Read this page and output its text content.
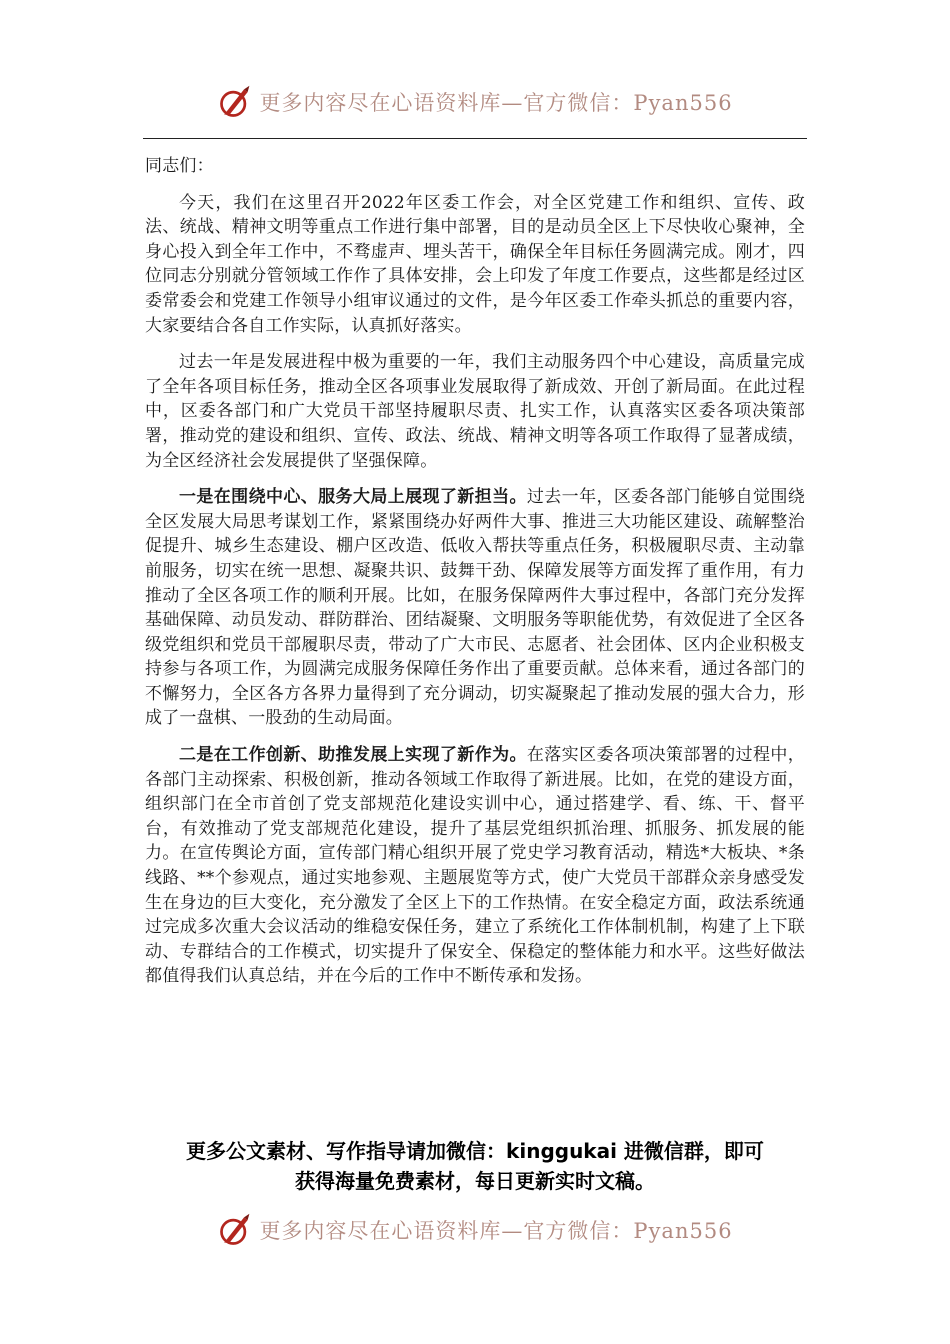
更多内容尽在心语资料库—官方微信：Pyan556

同志们：

今天，我们在这里召开2022年区委工作会，对全区党建工作和组织、宣传、政法、统战、精神文明等重点工作进行集中部署，目的是动员全区上下尽快收心聚神，全身心投入到全年工作中，不骛虚声、埋头苦干，确保全年目标任务圆满完成。刚才，四位同志分别就分管领域工作作了具体安排，会上印发了年度工作要点，这些都是经过区委常委会和党建工作领导小组审议通过的文件，是今年区委工作牵头抓总的重要内容，大家要结合各自工作实际，认真抓好落实。

过去一年是发展进程中极为重要的一年，我们主动服务四个中心建设，高质量完成了全年各项目标任务，推动全区各项事业发展取得了新成效、开创了新局面。在此过程中，区委各部门和广大党员干部坚持履职尽责、扎实工作，认真落实区委各项决策部署，推动党的建设和组织、宣传、政法、统战、精神文明等各项工作取得了显著成绩，为全区经济社会发展提供了坚强保障。

一是在围绕中心、服务大局上展现了新担当。过去一年，区委各部门能够自觉围绕全区发展大局思考谋划工作，紧紧围绕办好两件大事、推进三大功能区建设、疏解整治促提升、城乡生态建设、棚户区改造、低收入帮扶等重点任务，积极履职尽责、主动靠前服务，切实在统一思想、凝聚共识、鼓舞干劲、保障发展等方面发挥了重作用，有力推动了全区各项工作的顺利开展。比如，在服务保障两件大事过程中，各部门充分发挥基础保障、动员发动、群防群治、团结凝聚、文明服务等职能优势，有效促进了全区各级党组织和党员干部履职尽责，带动了广大市民、志愿者、社会团体、区内企业积极支持参与各项工作，为圆满完成服务保障任务作出了重要贡献。总体来看，通过各部门的不懈努力，全区各方各界力量得到了充分调动，切实凝聚起了推动发展的强大合力，形成了一盘棋、一股劲的生动局面。

二是在工作创新、助推发展上实现了新作为。在落实区委各项决策部署的过程中，各部门主动探索、积极创新，推动各领域工作取得了新进展。比如，在党的建设方面，组织部门在全市首创了党支部规范化建设实训中心，通过搭建学、看、练、干、督平台，有效推动了党支部规范化建设，提升了基层党组织抓治理、抓服务、抓发展的能力。在宣传舆论方面，宣传部门精心组织开展了党史学习教育活动，精选*大板块、*条线路、**个参观点，通过实地参观、主题展览等方式，使广大党员干部群众亲身感受发生在身边的巨大变化，充分激发了全区上下的工作热情。在安全稳定方面，政法系统通过完成多次重大会议活动的维稳安保任务，建立了系统化工作体制机制，构建了上下联动、专群结合的工作模式，切实提升了保安全、保稳定的整体能力和水平。这些好做法都值得我们认真总结，并在今后的工作中不断传承和发扬。

更多公文素材、写作指导请加微信：kinggukai 进微信群，即可
获得海量免费素材，每日更新实时文稿。
更多内容尽在心语资料库—官方微信：Pyan556
